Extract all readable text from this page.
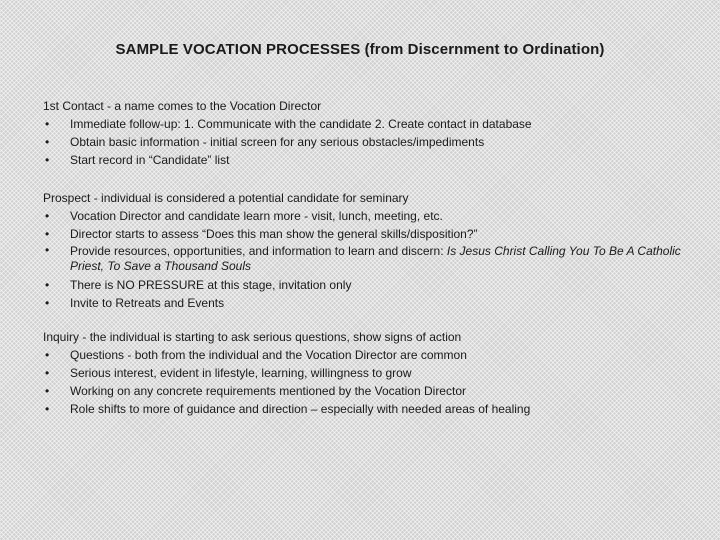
SAMPLE VOCATION PROCESSES (from Discernment to Ordination)
1st Contact - a name comes to the Vocation Director
• Immediate follow-up: 1. Communicate with the candidate 2. Create contact in database
• Obtain basic information - initial screen for any serious obstacles/impediments
• Start record in “Candidate” list
Prospect - individual is considered a potential candidate for seminary
• Vocation Director and candidate learn more - visit, lunch, meeting, etc.
• Director starts to assess “Does this man show the general skills/disposition?”
• Provide resources, opportunities, and information to learn and discern: Is Jesus Christ Calling You To Be A Catholic Priest, To Save a Thousand Souls
• There is NO PRESSURE at this stage, invitation only
• Invite to Retreats and Events
Inquiry - the individual is starting to ask serious questions, show signs of action
• Questions - both from the individual and the Vocation Director are common
• Serious interest, evident in lifestyle, learning, willingness to grow
• Working on any concrete requirements mentioned by the Vocation Director
• Role shifts to more of guidance and direction – especially with needed areas of healing
